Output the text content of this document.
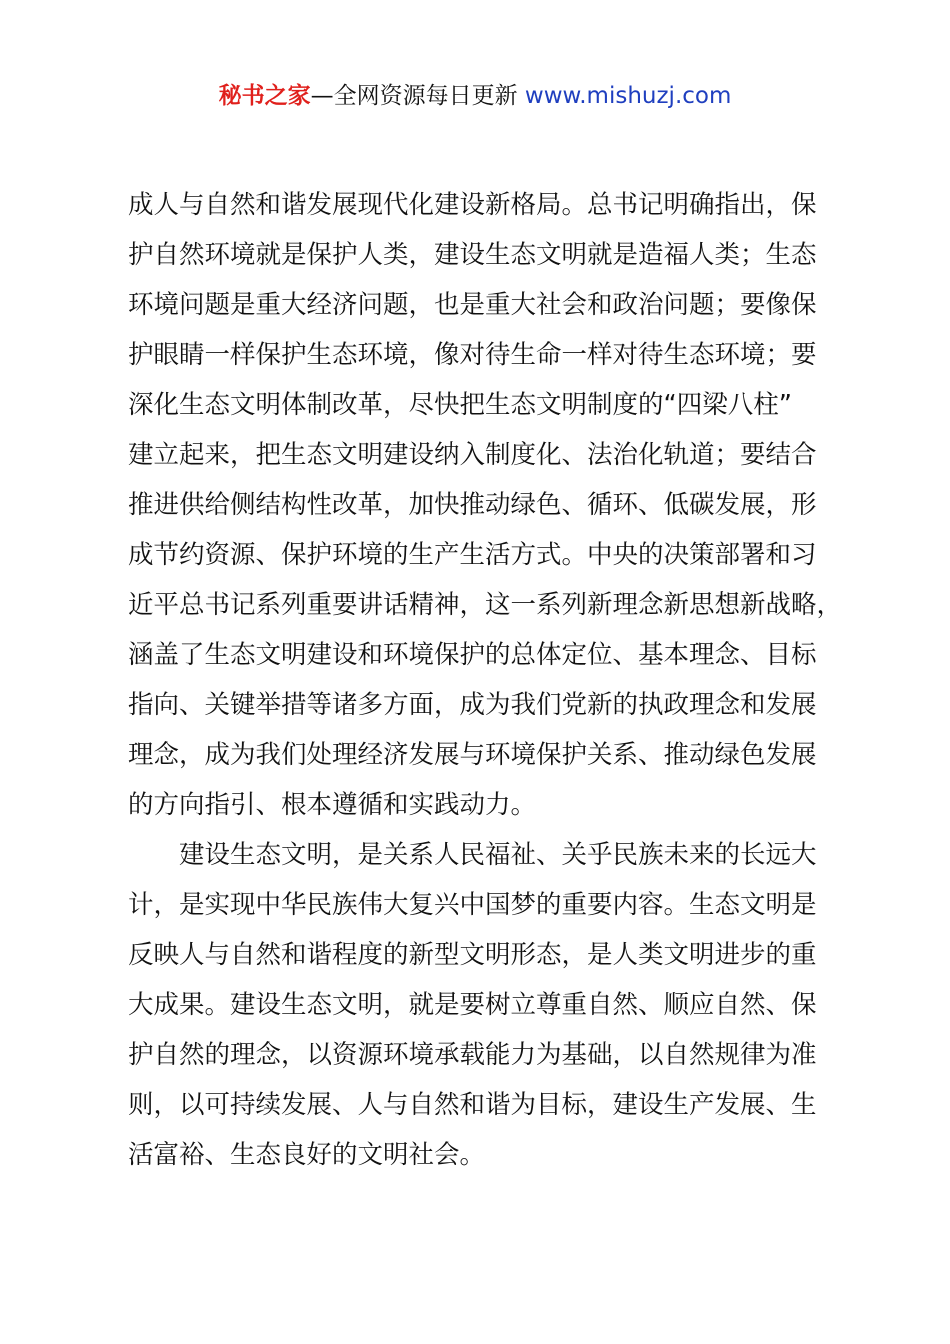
秘书之家—全网资源每日更新 www.mishuzj.com
成人与自然和谐发展现代化建设新格局。总书记明确指出，保
护自然环境就是保护人类，建设生态文明就是造福人类；生态
环境问题是重大经济问题，也是重大社会和政治问题；要像保
护眼睛一样保护生态环境，像对待生命一样对待生态环境；要
深化生态文明体制改革，尽快把生态文明制度的“四梁八柱”
建立起来，把生态文明建设纳入制度化、法治化轨道；要结合
推进供给侧结构性改革，加快推动绿色、循环、低碳发展，形
成节约资源、保护环境的生产生活方式。中央的决策部署和习
近平总书记系列重要讲话精神，这一系列新理念新思想新战略，
涵盖了生态文明建设和环境保护的总体定位、基本理念、目标
指向、关键举措等诸多方面，成为我们党新的执政理念和发展
理念，成为我们处理经济发展与环境保护关系、推动绿色发展
的方向指引、根本遵循和实践动力。
建设生态文明，是关系人民福祉、关乎民族未来的长远大
计，是实现中华民族伟大复兴中国梦的重要内容。生态文明是
反映人与自然和谐程度的新型文明形态，是人类文明进步的重
大成果。建设生态文明，就是要树立尊重自然、顺应自然、保
护自然的理念，以资源环境承载能力为基础，以自然规律为准
则，以可持续发展、人与自然和谐为目标，建设生产发展、生
活富裕、生态良好的文明社会。
